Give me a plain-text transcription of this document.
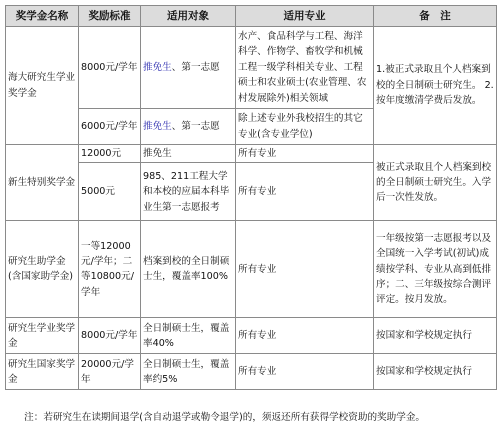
奖学金名称	奖励标准	适用对象	适用专业	备　注
海大研究生学业奖学金	8000元/学年	推免生、第一志愿	水产、食品科学与工程、海洋科学、作物学、畜牧学和机械工程一级学科相关专业、工程硕士和农业硕士(农业管理、农村发展除外)相关领域	1.被正式录取且个人档案到校的全日制硕士研究生。 2.按年度缴清学费后发放。
	6000元/学年	推免生、第一志愿	除上述专业外我校招生的其它专业(含专业学位)	
新生特别奖学金	12000元	推免生	所有专业	被正式录取且个人档案到校的全日制硕士研究生。入学后一次性发放。
	5000元	985、211工程大学和本校的应届本科毕业生第一志愿报考	所有专业	
研究生助学金(含国家助学金)	一等12000元/学年；二等10800元/学年	档案到校的全日制硕士生，覆盖率100%	所有专业	一年级按第一志愿报考以及全国统一入学考试(初试)成绩按学科、专业从高到低排序；二、三年级按综合测评评定。按月发放。
研究生学业奖学金	8000元/学年	全日制硕士生，覆盖率40%	所有专业	按国家和学校规定执行
研究生国家奖学金	20000元/学年	全日制硕士生，覆盖率约5%	所有专业	按国家和学校规定执行
　　注：若研究生在读期间退学(含自动退学或勒令退学)的，须返还所有获得学校资助的奖助学金。
